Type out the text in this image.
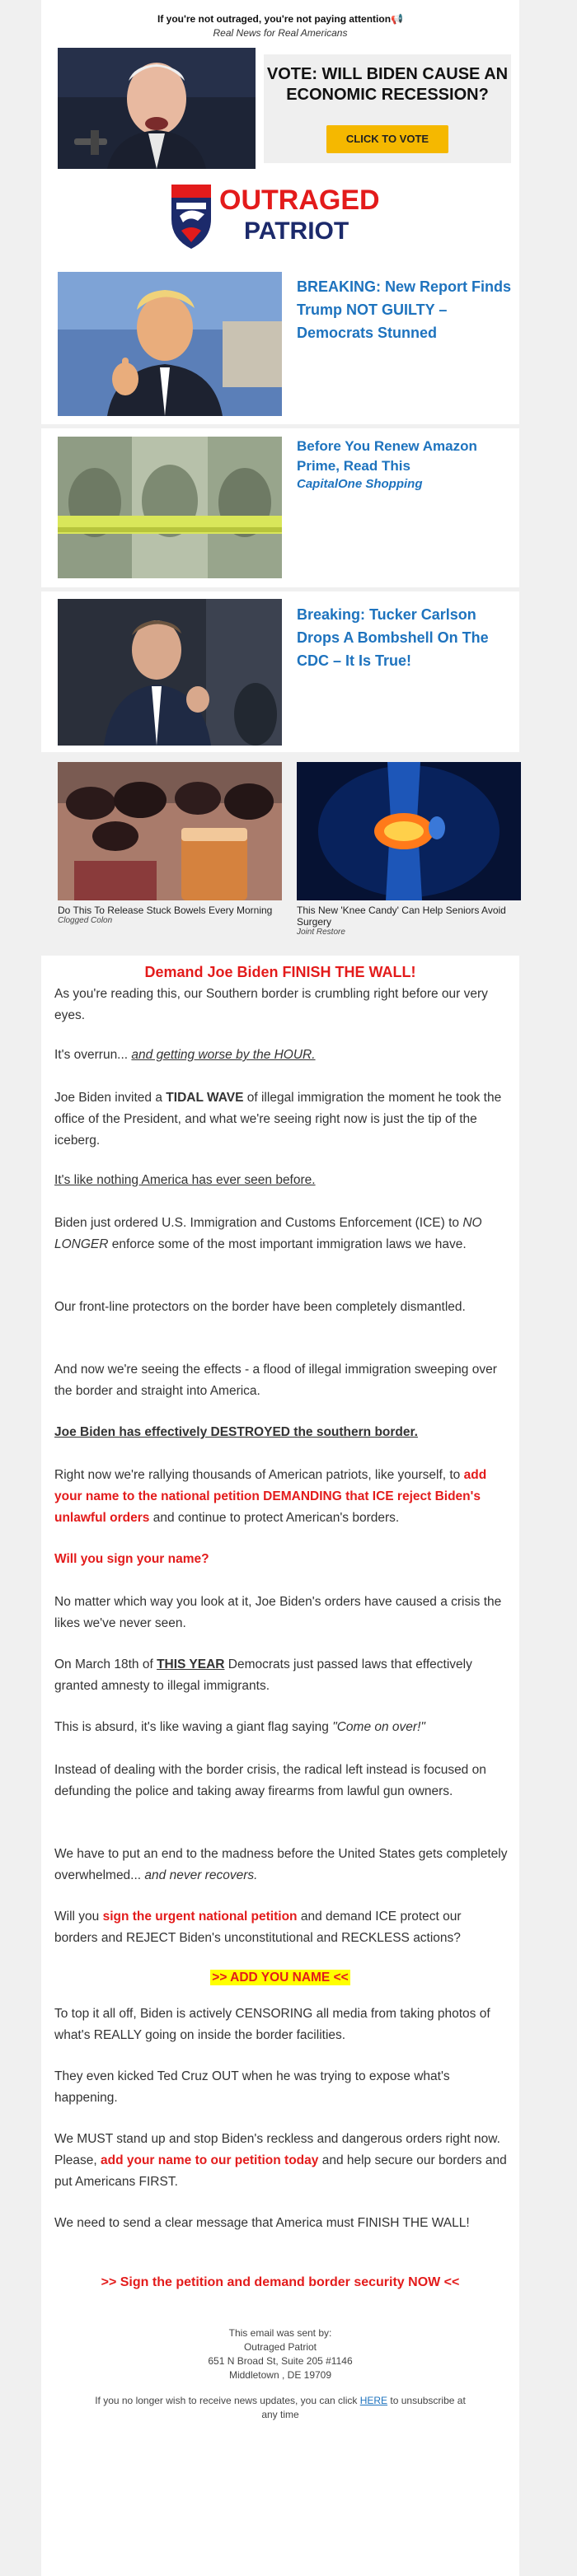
If you're not outraged, you're not paying attention📢
Real News for Real Americans
VOTE: WILL BIDEN CAUSE AN ECONOMIC RECESSION?
CLICK TO VOTE
OUTRAGED
PATRIOT
BREAKING: New Report Finds Trump NOT GUILTY – Democrats Stunned
Before You Renew Amazon Prime, Read This
CapitalOne Shopping
Breaking: Tucker Carlson Drops A Bombshell On The CDC – It Is True!
Do This To Release Stuck Bowels Every Morning
Clogged Colon
This New 'Knee Candy' Can Help Seniors Avoid Surgery
Joint Restore
Demand Joe Biden FINISH THE WALL!
As you're reading this, our Southern border is crumbling right before our very eyes.
It's overrun... and getting worse by the HOUR.
Joe Biden invited a TIDAL WAVE of illegal immigration the moment he took the office of the President, and what we're seeing right now is just the tip of the iceberg.
It's like nothing America has ever seen before.
Biden just ordered U.S. Immigration and Customs Enforcement (ICE) to NO LONGER enforce some of the most important immigration laws we have.
Our front-line protectors on the border have been completely dismantled.
And now we're seeing the effects - a flood of illegal immigration sweeping over the border and straight into America.
Joe Biden has effectively DESTROYED the southern border.
Right now we're rallying thousands of American patriots, like yourself, to add your name to the national petition DEMANDING that ICE reject Biden's unlawful orders and continue to protect American's borders.
Will you sign your name?
No matter which way you look at it, Joe Biden's orders have caused a crisis the likes we've never seen.
On March 18th of THIS YEAR Democrats just passed laws that effectively granted amnesty to illegal immigrants.
This is absurd, it's like waving a giant flag saying "Come on over!"
Instead of dealing with the border crisis, the radical left instead is focused on defunding the police and taking away firearms from lawful gun owners.
We have to put an end to the madness before the United States gets completely overwhelmed... and never recovers.
Will you sign the urgent national petition and demand ICE protect our borders and REJECT Biden's unconstitutional and RECKLESS actions?
>> ADD YOU NAME <<
To top it all off, Biden is actively CENSORING all media from taking photos of what's REALLY going on inside the border facilities.
They even kicked Ted Cruz OUT when he was trying to expose what's happening.
We MUST stand up and stop Biden's reckless and dangerous orders right now. Please, add your name to our petition today and help secure our borders and put Americans FIRST.
We need to send a clear message that America must FINISH THE WALL!
>> Sign the petition and demand border security NOW <<
This email was sent by:
Outraged Patriot
651 N Broad St, Suite 205 #1146
Middletown , DE 19709
If you no longer wish to receive news updates, you can click HERE to unsubscribe at any time
